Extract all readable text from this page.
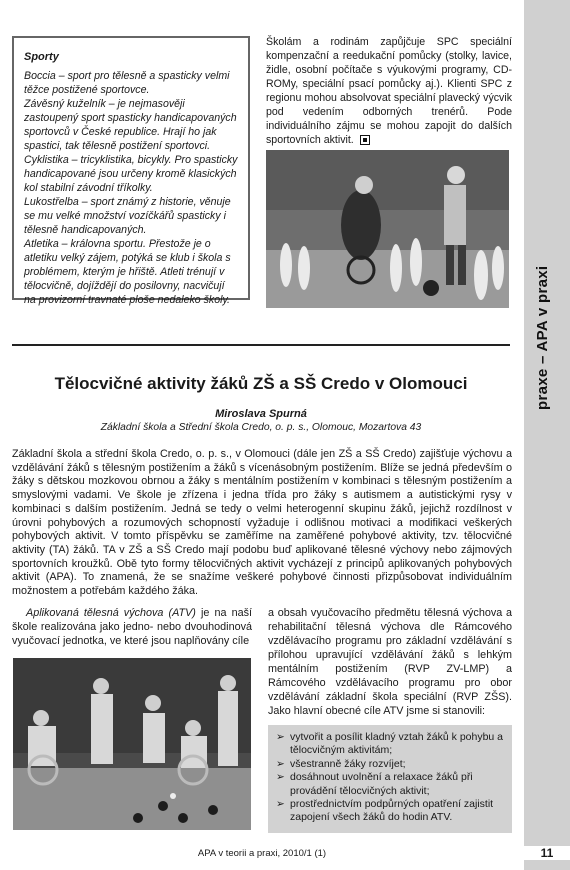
praxe – APA v praxi
Sporty

Boccia – sport pro tělesně a spasticky velmi těžce postižené sportovce.

Závěsný kuželník – je nejmasověji zastoupený sport spasticky handicapovaných sportovců v České republice. Hrají ho jak spastici, tak tělesně postižení sportovci.

Cyklistika – tricyklistika, bicykly. Pro spasticky handicapované jsou určeny kromě klasických kol stabilní závodní tříkolky.

Lukostřelba – sport známý z historie, věnuje se mu velké množství vozíčkářů spasticky i tělesně handicapovaných.

Atletika – královna sportu. Přestože je o atletiku velký zájem, potýká se klub i škola s problémem, kterým je hřiště. Atleti trénují v tělocvičně, dojíždějí do posilovny, nacvičují na provizorní travnaté ploše nedaleko školy.

Školám a rodinám zapůjčuje SPC speciální kompenzační a reedukační pomůcky (stolky, lavice, židle, osobní počítače s výukovými programy, CD-ROMy, speciální psací pomůcky aj.). Klienti SPC z regionu mohou absolvovat speciální plavecký výcvik pod vedením odborných trenérů. Pode individuálního zájmu se mohou zapojit do dalších sportovních aktivit.
Tělocvičné aktivity žáků ZŠ a SŠ Credo v Olomouci
Miroslava Spurná
Základní škola a Střední škola Credo, o. p. s., Olomouc, Mozartova 43
Základní škola a střední škola Credo, o. p. s., v Olomouci (dále jen ZŠ a SŠ Credo) zajišťuje výchovu a vzdělávání žáků s tělesným postižením a žáků s vícenásobným postižením. Blíže se jedná především o žáky s dětskou mozkovou obrnou a žáky s mentálním postižením v kombinaci s tělesným postižením a smyslovými vadami. Ve škole je zřízena i jedna třída pro žáky s autismem a autistickými rysy v kombinaci s dalším postižením. Jedná se tedy o velmi heterogenní skupinu žáků, jejichž rozdílnost v úrovni pohybových a rozumových schopností vyžaduje i odlišnou motivaci a modifikaci veškerých pohybových aktivit. V tomto příspěvku se zaměříme na zaměřené pohybové aktivity, tzv. tělocvičné aktivity (TA) žáků. TA v ZŠ a SŠ Credo mají podobu buď aplikované tělesné výchovy nebo zájmových sportovních kroužků. Obě tyto formy tělocvičných aktivit vycházejí z principů aplikovaných pohybových aktivit (APA). To znamená, že se snažíme veškeré pohybové činnosti přizpůsobovat individuálním možnostem a potřebám každého žáka.
Aplikovaná tělesná výchova (ATV) je na naší škole realizována jako jedno- nebo dvouhodinová vyučovací jednotka, ve které jsou naplňovány cíle
a obsah vyučovacího předmětu tělesná výchova a rehabilitační tělesná výchova dle Rámcového vzdělávacího programu pro základní vzdělávání s přílohou upravující vzdělávání žáků s lehkým mentálním postižením (RVP ZV-LMP) a Rámcového vzdělávacího programu pro obor vzdělávání základní škola speciální (RVP ZŠS). Jako hlavní obecné cíle ATV jsme si stanovili:
➢ vytvořit a posílit kladný vztah žáků k pohybu a tělocvičným aktivitám;
➢ všestranně žáky rozvíjet;
➢ dosáhnout uvolnění a relaxace žáků při provádění tělocvičných aktivit;
➢ prostřednictvím podpůrných opatření zajistit zapojení všech žáků do hodin ATV.
APA v teorii a praxi, 2010/1 (1)	11
